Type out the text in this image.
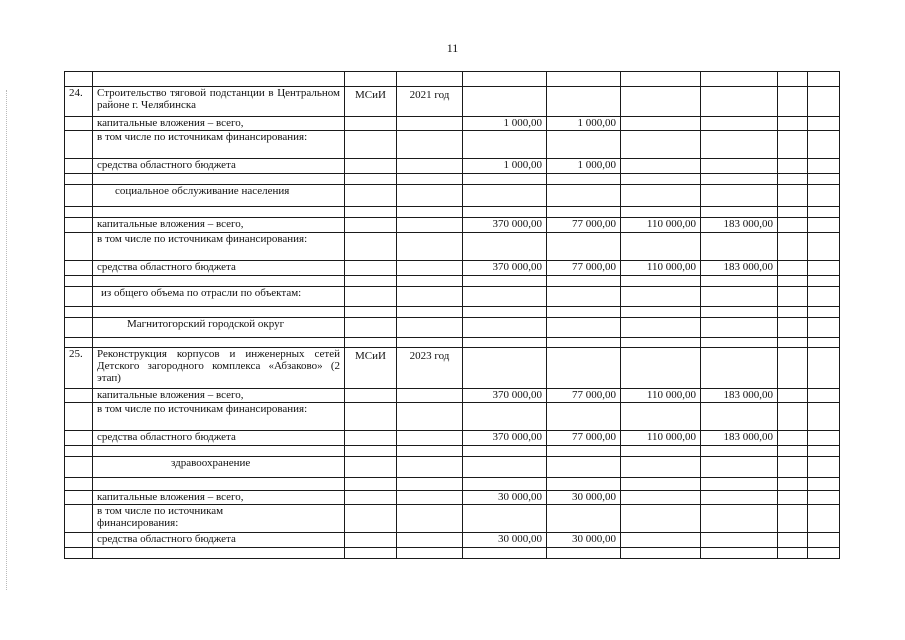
11

24.	Строительство тяговой подстанции в Центральном районе г. Челябинска	МСиИ	2021 год						
	капитальные вложения – всего,			1 000,00	1 000,00				
	в том числе по источникам финансирования:								
	средства областного бюджета			1 000,00	1 000,00				

	социальное обслуживание населения								

	капитальные вложения – всего,			370 000,00	77 000,00	110 000,00	183 000,00		
	в том числе по источникам финансирования:								
	средства областного бюджета			370 000,00	77 000,00	110 000,00	183 000,00		

	из общего объема по отрасли по объектам:								

	Магнитогорский городской округ								

25.	Реконструкция корпусов и инженерных сетей Детского загородного комплекса «Абзаково» (2 этап)	МСиИ	2023 год						
	капитальные вложения – всего,			370 000,00	77 000,00	110 000,00	183 000,00		
	в том числе по источникам финансирования:								
	средства областного бюджета			370 000,00	77 000,00	110 000,00	183 000,00		

	здравоохранение								

	капитальные вложения – всего,			30 000,00	30 000,00				

	в том числе по источникам финансирования:								

	средства областного бюджета			30 000,00	30 000,00				
